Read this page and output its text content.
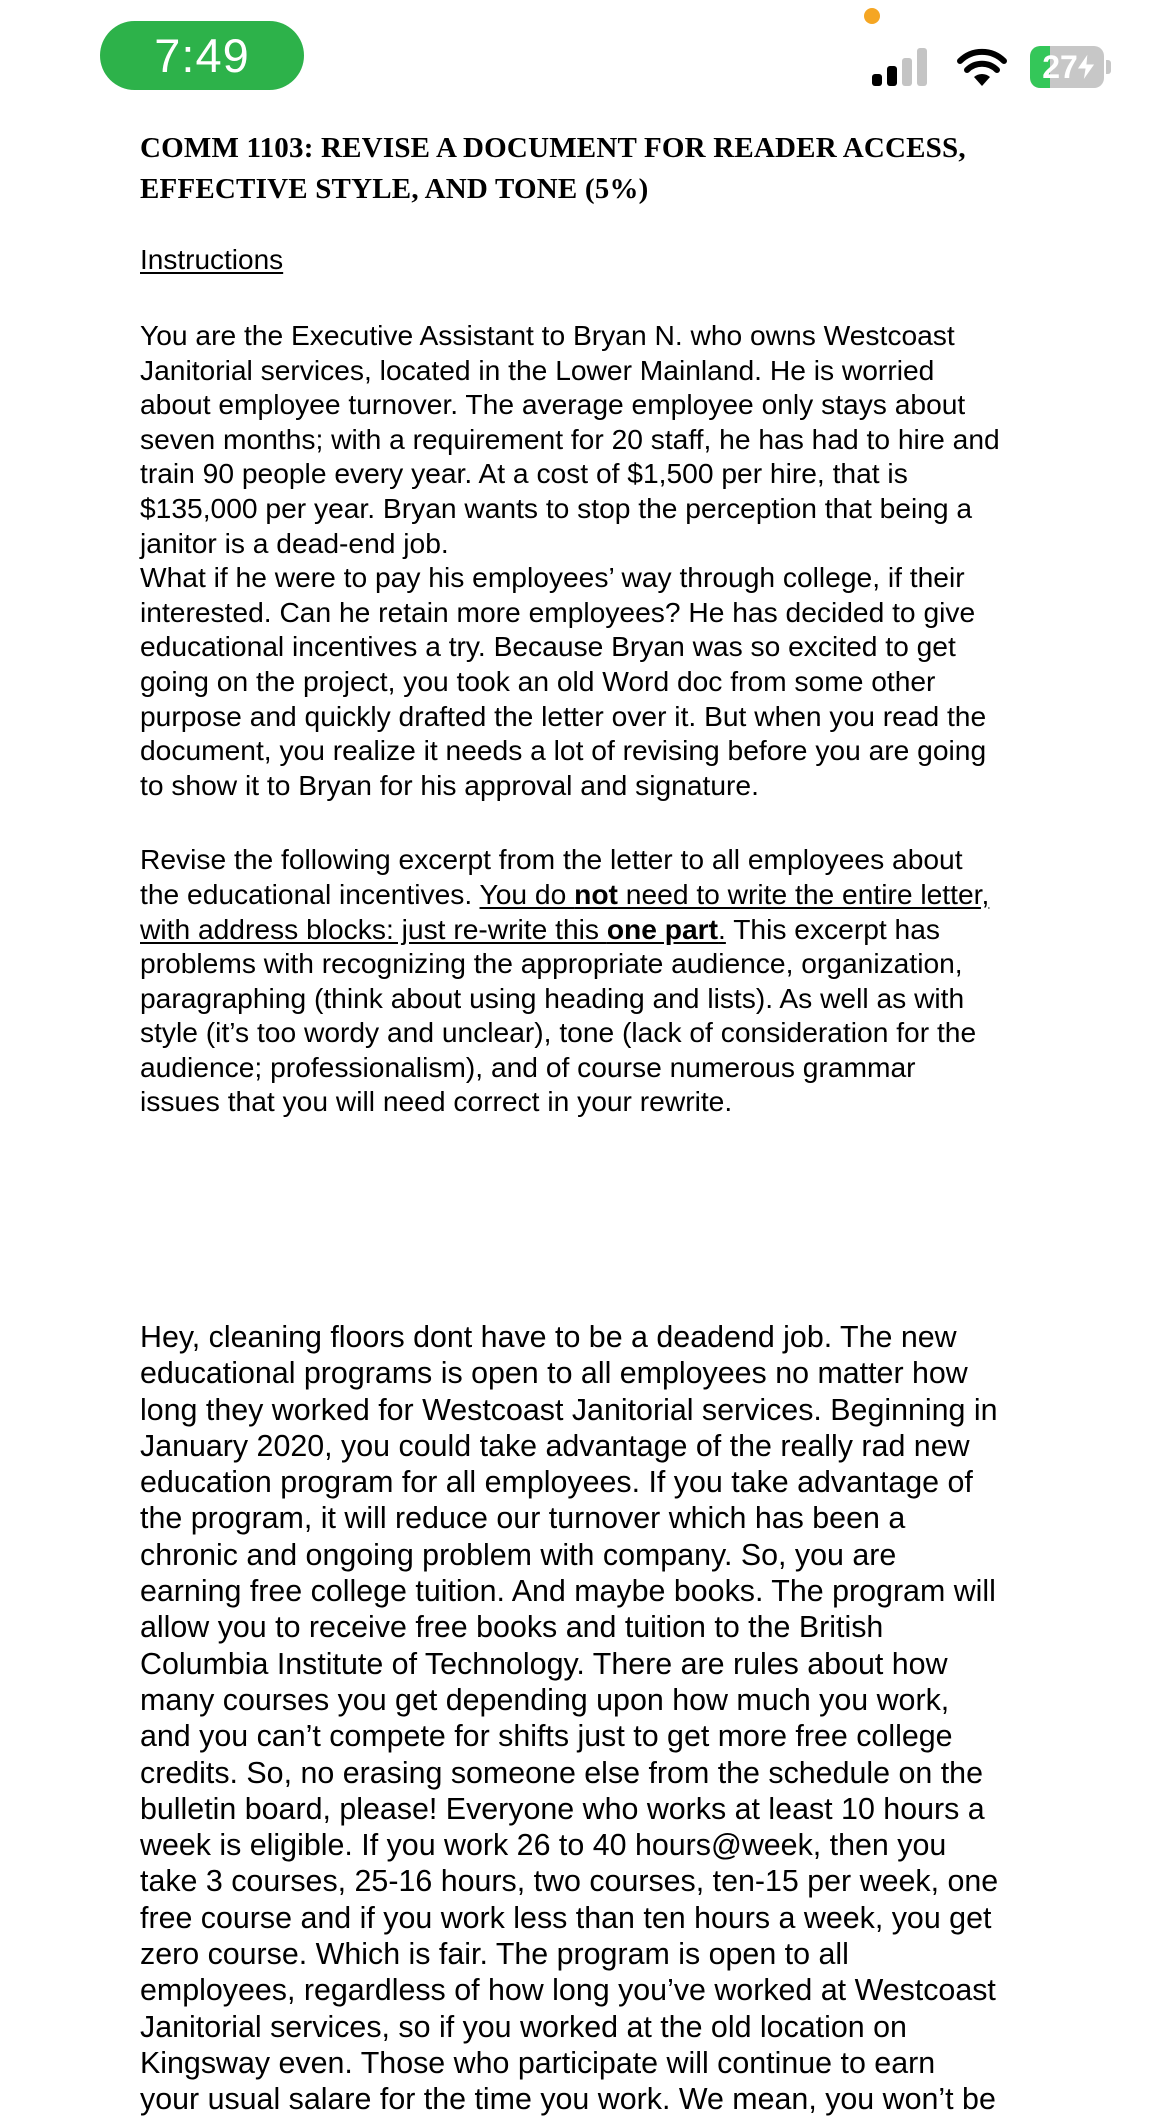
7:49	27
COMM 1103: REVISE A DOCUMENT FOR READER ACCESS,
EFFECTIVE STYLE, AND TONE (5%)
Instructions

You are the Executive Assistant to Bryan N. who owns Westcoast
Janitorial services, located in the Lower Mainland. He is worried
about employee turnover. The average employee only stays about
seven months; with a requirement for 20 staff, he has had to hire and
train 90 people every year. At a cost of $1,500 per hire, that is
$135,000 per year. Bryan wants to stop the perception that being a
janitor is a dead-end job.

What if he were to pay his employees’ way through college, if their
interested. Can he retain more employees? He has decided to give
educational incentives a try. Because Bryan was so excited to get
going on the project, you took an old Word doc from some other
purpose and quickly drafted the letter over it. But when you read the
document, you realize it needs a lot of revising before you are going
to show it to Bryan for his approval and signature.

Revise the following excerpt from the letter to all employees about
the educational incentives. You do not need to write the entire letter,
with address blocks: just re-write this one part. This excerpt has
problems with recognizing the appropriate audience, organization,
paragraphing (think about using heading and lists). As well as with
style (it’s too wordy and unclear), tone (lack of consideration for the
audience; professionalism), and of course numerous grammar
issues that you will need correct in your rewrite.

Hey, cleaning floors dont have to be a deadend job. The new
educational programs is open to all employees no matter how
long they worked for Westcoast Janitorial services. Beginning in
January 2020, you could take advantage of the really rad new
education program for all employees. If you take advantage of
the program, it will reduce our turnover which has been a
chronic and ongoing problem with company. So, you are
earning free college tuition. And maybe books. The program will
allow you to receive free books and tuition to the British
Columbia Institute of Technology. There are rules about how
many courses you get depending upon how much you work,
and you can’t compete for shifts just to get more free college
credits. So, no erasing someone else from the schedule on the
bulletin board, please! Everyone who works at least 10 hours a
week is eligible. If you work 26 to 40 hours@week, then you
take 3 courses, 25-16 hours, two courses, ten-15 per week, one
free course and if you work less than ten hours a week, you get
zero course. Which is fair. The program is open to all
employees, regardless of how long you’ve worked at Westcoast
Janitorial services, so if you worked at the old location on
Kingsway even. Those who participate will continue to earn
your usual salare for the time you work. We mean, you won’t be
